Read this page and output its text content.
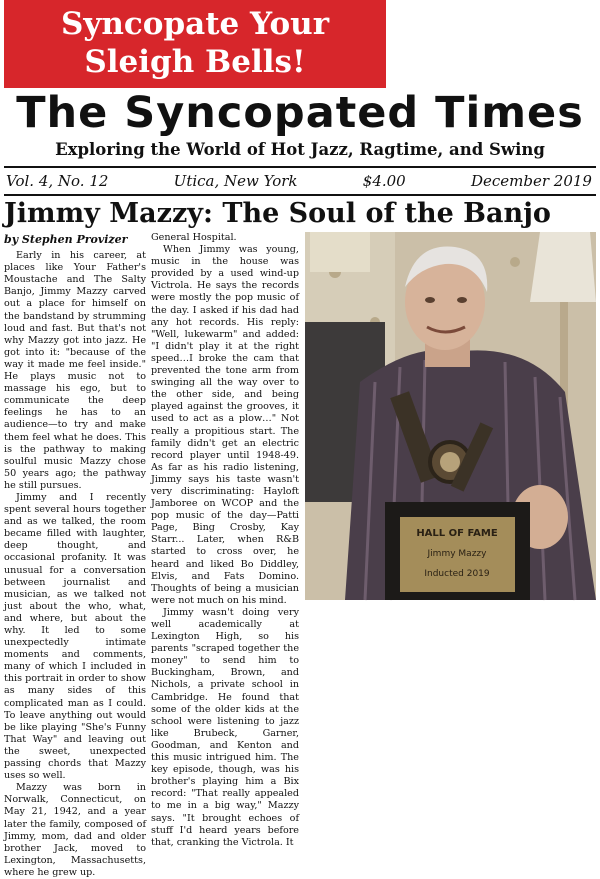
Syncopate Your
Sleigh Bells!
The Syncopated Times
Exploring the World of Hot Jazz, Ragtime, and Swing
Vol. 4, No. 12	Utica, New York	$4.00	December 2019
Jimmy Mazzy: The Soul of the Banjo
by Stephen Provizer

Early in his career, at places like Your Father's Moustache and The Salty Banjo, Jimmy Mazzy carved out a place for himself on the bandstand by strumming loud and fast. But that's not why Mazzy got into jazz. He got into it: "because of the way it made me feel inside." He plays music not to massage his ego, but to communicate the deep feelings he has to an audience—to try and make them feel what he does. This is the pathway to making soulful music Mazzy chose 50 years ago; the pathway he still pursues.

Jimmy and I recently spent several hours together and as we talked, the room became filled with laughter, deep thought, and occasional profanity. It was unusual for a conversation between journalist and musician, as we talked not just about the who, what, and where, but about the why. It led to some unexpectedly intimate moments and comments, many of which I included in this portrait in order to show as many sides of this complicated man as I could. To leave anything out would be like playing "She's Funny That Way" and leaving out the sweet, unexpected passing chords that Mazzy uses so well.

Mazzy was born in Norwalk, Connecticut, on May 21, 1942, and a year later the family, composed of Jimmy, mom, dad and older brother Jack, moved to Lexington, Massachusetts, where he grew up.

General Hospital.

When Jimmy was young, music in the house was provided by a used wind-up Victrola. He says the records were mostly the pop music of the day. I asked if his dad had any hot records. His reply: "Well, lukewarm" and added: "I didn't play it at the right speed…I broke the cam that prevented the tone arm from swinging all the way over to the other side, and being played against the grooves, it used to act as a plow…" Not really a propitious start. The family didn't get an electric record player until 1948-49. As far as his radio listening, Jimmy says his taste wasn't very discriminating: Hayloft Jamboree on WCOP and the pop music of the day—Patti Page, Bing Crosby, Kay Starr... Later, when R&B started to cross over, he heard and liked Bo Diddley, Elvis, and Fats Domino. Thoughts of being a musician were not much on his mind.

Jimmy wasn't doing very well academically at Lexington High, so his parents "scraped together the money" to send him to Buckingham, Brown, and Nichols, a private school in Cambridge. He found that some of the older kids at the school were listening to jazz like Brubeck, Garner, Goodman, and Kenton and this music intrigued him. The key episode, though, was his brother's playing him a Bix record: "That really appealed to me in a big way," Mazzy says. "It brought echoes of stuff I'd heard years before that, cranking the Victrola. It

HALL OF FAME
Jimmy Mazzy
Inducted 2019
